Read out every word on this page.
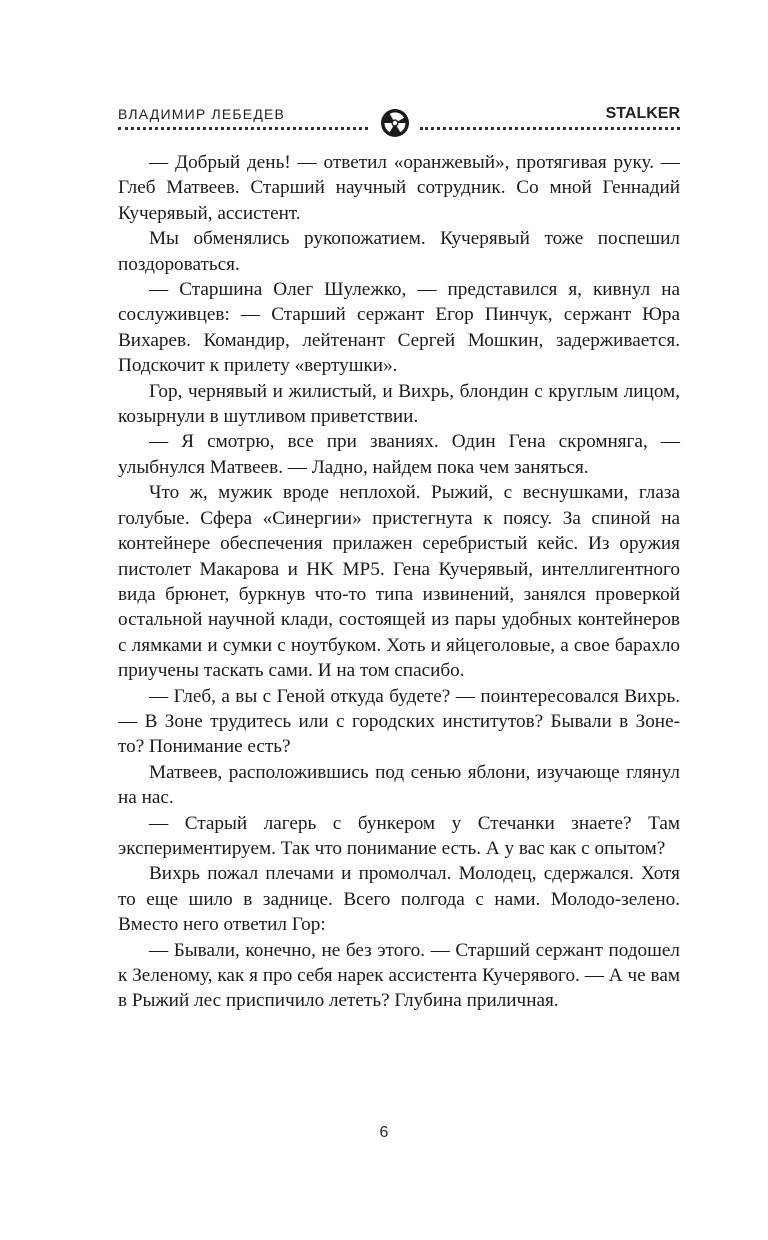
ВЛАДИМИР ЛЕБЕДЕВ	STALKER

— Добрый день! — ответил «оранжевый», протягивая руку. — Глеб Матвеев. Старший научный сотрудник. Со мной Геннадий Кучерявый, ассистент.

Мы обменялись рукопожатием. Кучерявый тоже поспешил поздороваться.

— Старшина Олег Шулежко, — представился я, кивнул на сослуживцев: — Старший сержант Егор Пинчук, сержант Юра Вихарев. Командир, лейтенант Сергей Мошкин, задерживается. Подскочит к прилету «вертушки».

Гор, чернявый и жилистый, и Вихрь, блондин с круглым лицом, козырнули в шутливом приветствии.

— Я смотрю, все при званиях. Один Гена скромняга, — улыбнулся Матвеев. — Ладно, найдем пока чем заняться.

Что ж, мужик вроде неплохой. Рыжий, с веснушками, глаза голубые. Сфера «Синергии» пристегнута к поясу. За спиной на контейнере обеспечения прилажен серебристый кейс. Из оружия пистолет Макарова и HK MP5. Гена Кучерявый, интеллигентного вида брюнет, буркнув что-то типа извинений, занялся проверкой остальной научной клади, состоящей из пары удобных контейнеров с лямками и сумки с ноутбуком. Хоть и яйцеголовые, а свое барахло приучены таскать сами. И на том спасибо.

— Глеб, а вы с Геной откуда будете? — поинтересовался Вихрь. — В Зоне трудитесь или с городских институтов? Бывали в Зоне-то? Понимание есть?

Матвеев, расположившись под сенью яблони, изучающе глянул на нас.

— Старый лагерь с бункером у Стечанки знаете? Там экспериментируем. Так что понимание есть. А у вас как с опытом?

Вихрь пожал плечами и промолчал. Молодец, сдержался. Хотя то еще шило в заднице. Всего полгода с нами. Молодо-зелено. Вместо него ответил Гор:

— Бывали, конечно, не без этого. — Старший сержант подошел к Зеленому, как я про себя нарек ассистента Кучерявого. — А че вам в Рыжий лес приспичило лететь? Глубина приличная.

6
